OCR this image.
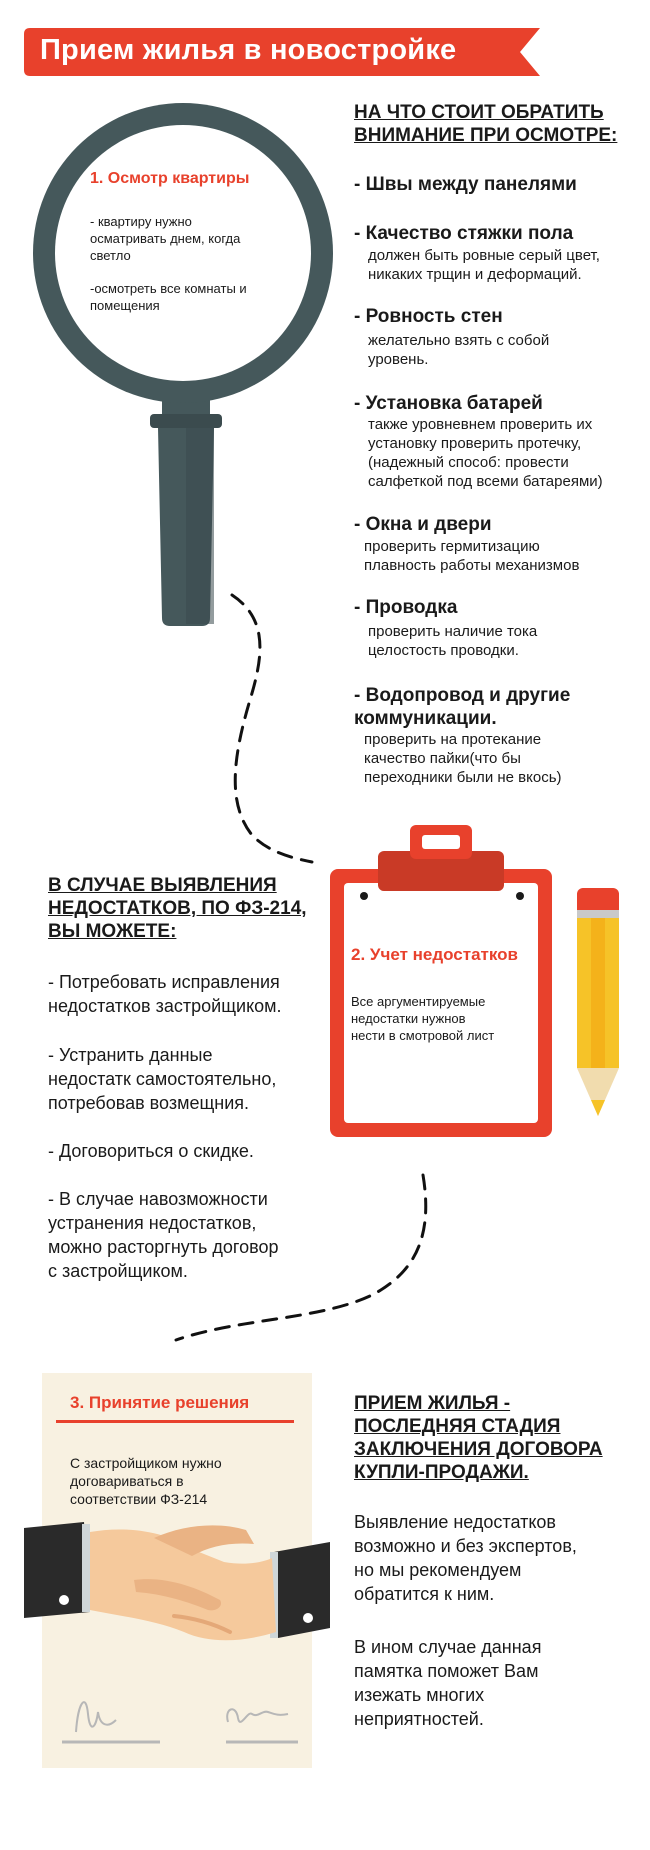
Прием жилья в новостройке
1. Осмотр квартиры
- квартиру нужно
осматривать днем, когда
светло
-осмотреть все комнаты и
помещения
НА ЧТО СТОИТ ОБРАТИТЬ
ВНИМАНИЕ ПРИ ОСМОТРЕ:
- Швы между панелями
- Качество стяжки пола
должен быть ровные серый цвет,
никаких трщин и деформаций.
- Ровность стен
желательно взять с собой
уровень.
- Установка батарей
также уровневнем проверить их
установку проверить протечку,
(надежный способ: провести
салфеткой под всеми батареями)
- Окна и двери
проверить гермитизацию
плавность работы механизмов
- Проводка
проверить наличие тока
целостость проводки.
- Водопровод и другие
коммуникации.
проверить на протекание
качество пайки(что бы
переходники были не вкось)
В СЛУЧАЕ ВЫЯВЛЕНИЯ
НЕДОСТАТКОВ, ПО ФЗ-214,
ВЫ МОЖЕТЕ:
- Потребовать исправления
недостатков застройщиком.
- Устранить данные
недостатк самостоятельно,
потребовав возмещния.
- Договориться о скидке.
- В случае навозможности
устранения недостатков,
можно расторгнуть договор
с застройщиком.
2. Учет недостатков
Все аргументируемые
недостатки нужнов
нести в смотровой лист
3. Принятие решения
С застройщиком нужно
договариваться в
соответствии ФЗ-214
ПРИЕМ ЖИЛЬЯ -
ПОСЛЕДНЯЯ СТАДИЯ
ЗАКЛЮЧЕНИЯ ДОГОВОРА
КУПЛИ-ПРОДАЖИ.
Выявление недостатков
возможно и без экспертов,
но мы рекомендуем
обратится к ним.
В ином случае данная
памятка поможет Вам
изежать многих
неприятностей.
